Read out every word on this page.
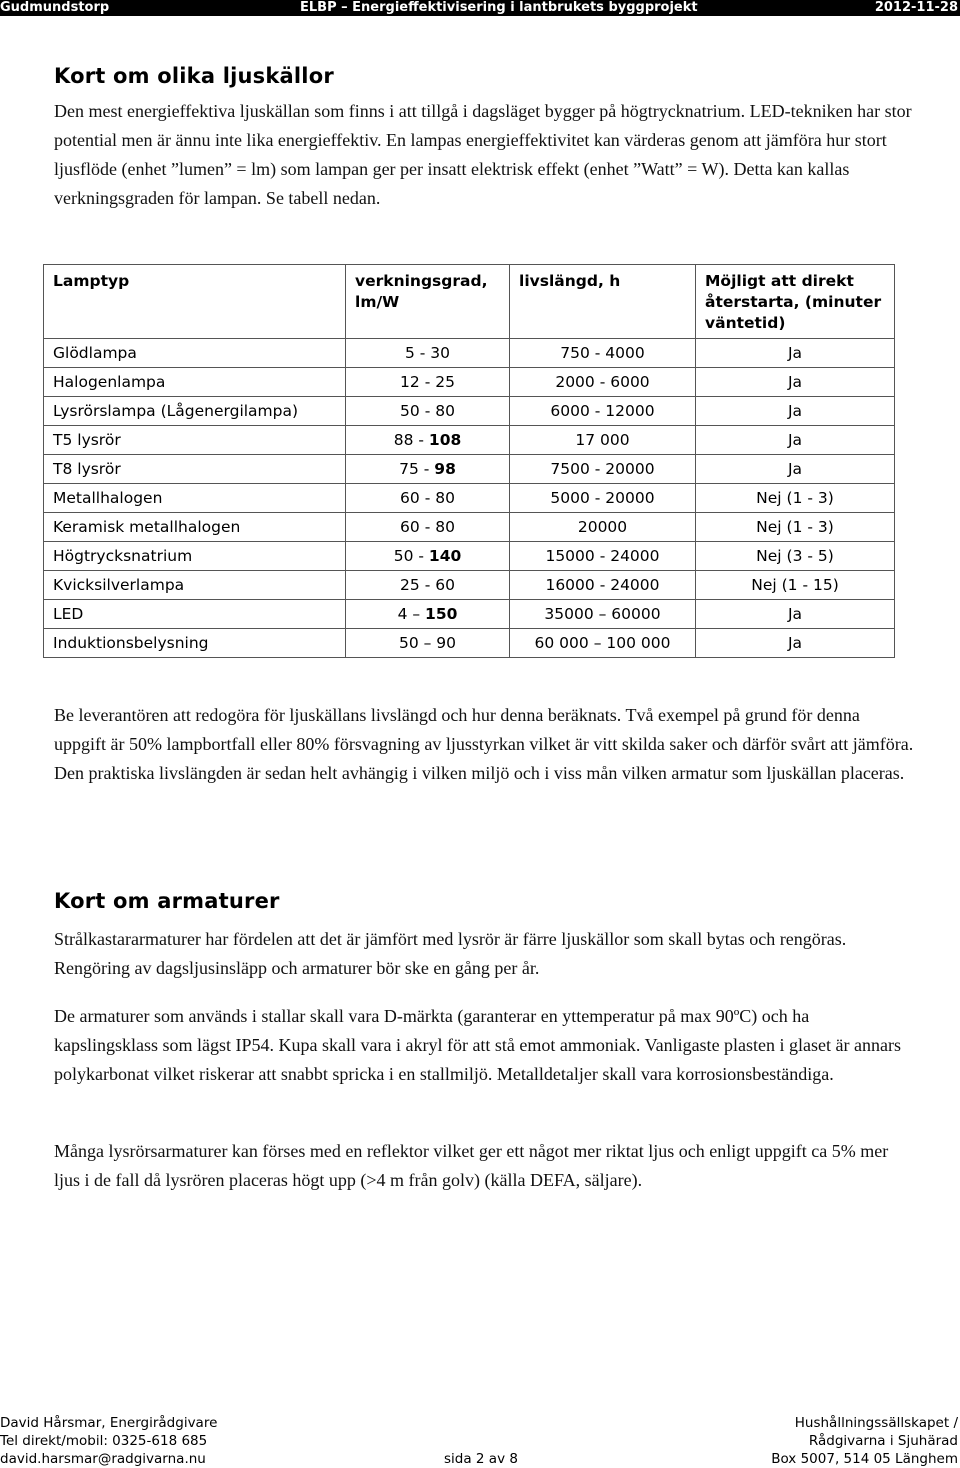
Gudmundstorp	ELBP – Energieffektivisering i lantbrukets byggprojekt	2012-11-28
Kort om olika ljuskällor

Den mest energieffektiva ljuskällan som finns i att tillgå i dagsläget bygger på högtrycknatrium. LED-tekniken har stor potential men är ännu inte lika energieffektiv. En lampas energieffektivitet kan värderas genom att jämföra hur stort ljusflöde (enhet ”lumen” = lm) som lampan ger per insatt elektrisk effekt (enhet ”Watt” = W). Detta kan kallas verkningsgraden för lampan. Se tabell nedan.

Lamptyp	verkningsgrad, lm/W	livslängd, h	Möjligt att direkt återstarta, (minuter väntetid)
Glödlampa	5 - 30	750 - 4000	Ja
Halogenlampa	12 - 25	2000 - 6000	Ja
Lysrörslampa (Lågenergilampa)	50 - 80	6000 - 12000	Ja
T5 lysrör	88 - 108	17 000	Ja
T8 lysrör	75 - 98	7500 - 20000	Ja
Metallhalogen	60 - 80	5000 - 20000	Nej (1 - 3)
Keramisk metallhalogen	60 - 80	20000	Nej (1 - 3)
Högtrycksnatrium	50 - 140	15000 - 24000	Nej (3 - 5)
Kvicksilverlampa	25 - 60	16000 - 24000	Nej (1 - 15)
LED	4 – 150	35000 – 60000	Ja
Induktionsbelysning	50 – 90	60 000 – 100 000	Ja

Be leverantören att redogöra för ljuskällans livslängd och hur denna beräknats. Två exempel på grund för denna uppgift är 50% lampbortfall eller 80% försvagning av ljusstyrkan vilket är vitt skilda saker och därför svårt att jämföra. Den praktiska livslängden är sedan helt avhängig i vilken miljö och i viss mån vilken armatur som ljuskällan placeras.

Kort om armaturer

Strålkastararmaturer har fördelen att det är jämfört med lysrör är färre ljuskällor som skall bytas och rengöras. Rengöring av dagsljusinsläpp och armaturer bör ske en gång per år.

De armaturer som används i stallar skall vara D-märkta (garanterar en yttemperatur på max 90ºC) och ha kapslingsklass som lägst IP54. Kupa skall vara i akryl för att stå emot ammoniak. Vanligaste plasten i glaset är annars polykarbonat vilket riskerar att snabbt spricka i en stallmiljö. Metalldetaljer skall vara korrosionsbeständiga.

Många lysrörsarmaturer kan förses med en reflektor vilket ger ett något mer riktat ljus och enligt uppgift ca 5% mer ljus i de fall då lysrören placeras högt upp (>4 m från golv) (källa DEFA, säljare).

David Hårsmar, Energirådgivare
Tel direkt/mobil: 0325-618 685
david.harsmar@radgivarna.nu	sida 2 av 8
Hushållningssällskapet /
Rådgivarna i Sjuhärad
Box 5007, 514 05 Länghem
